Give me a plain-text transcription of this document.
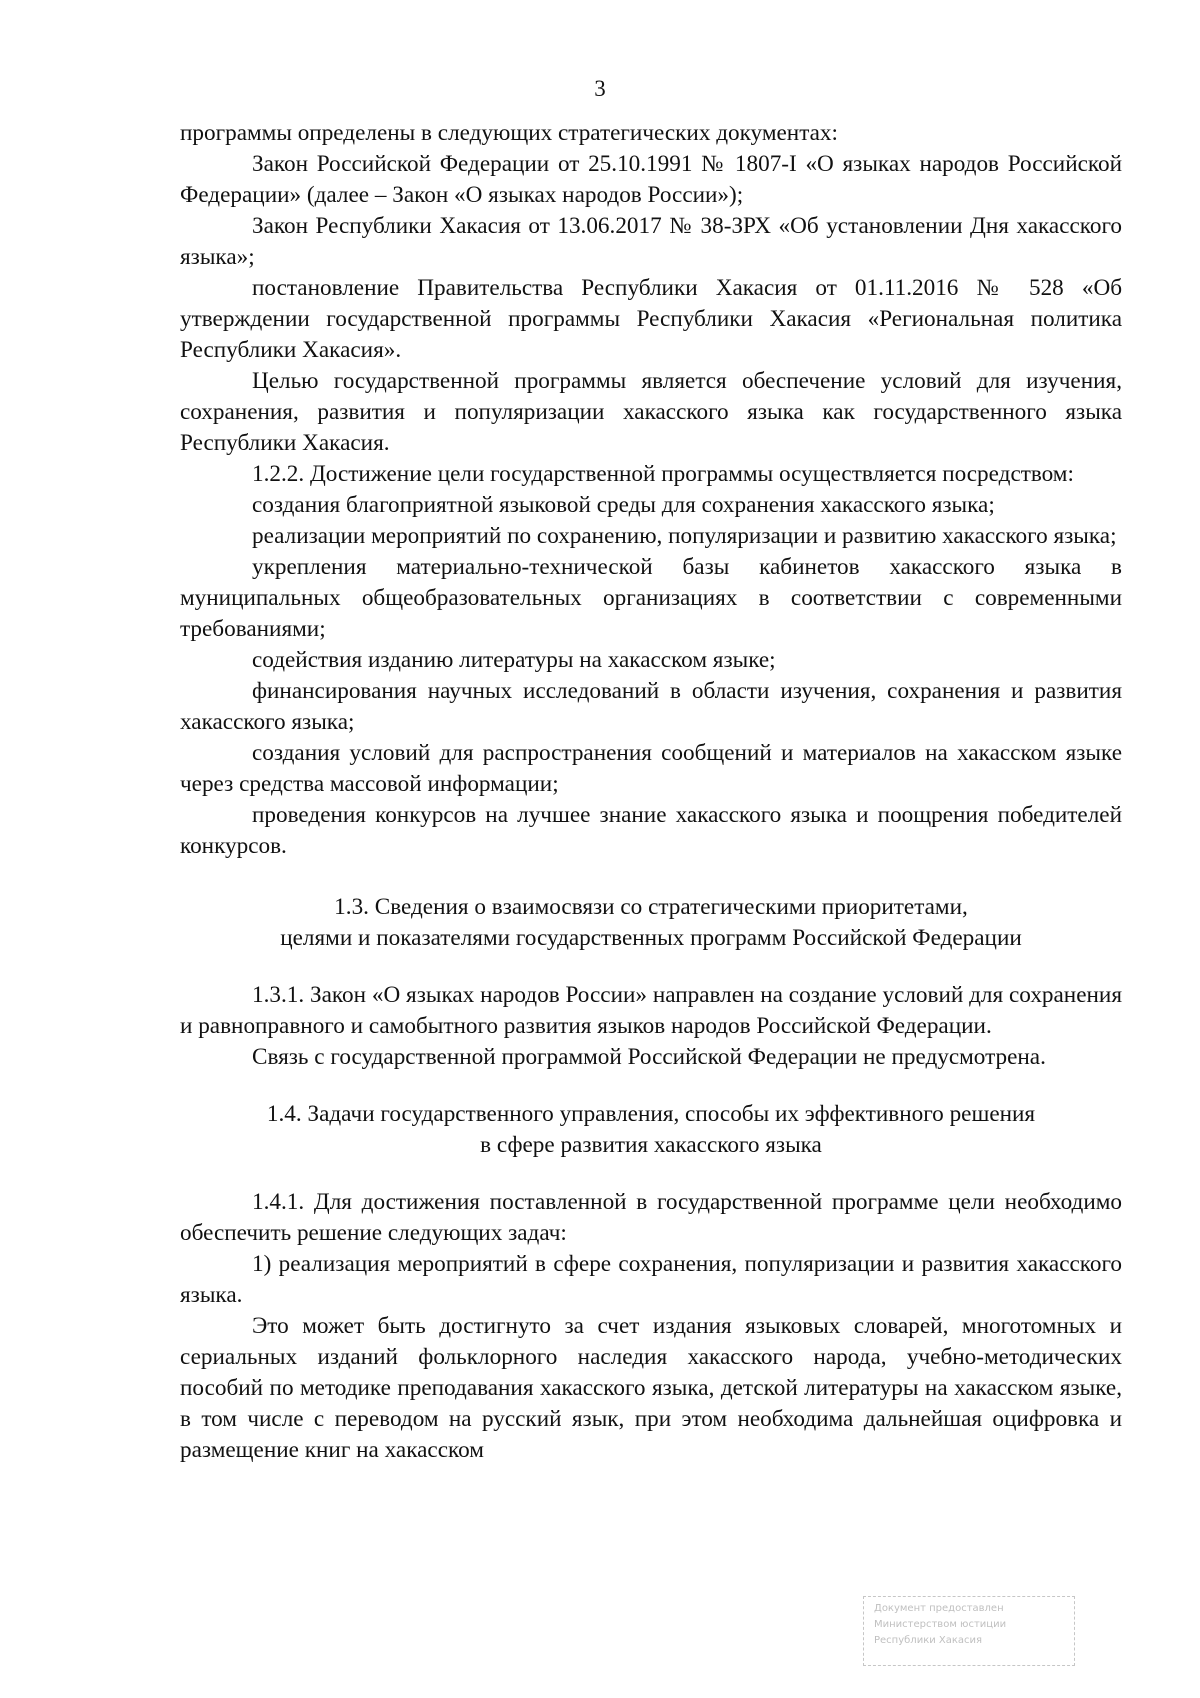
3

программы определены в следующих стратегических документах:

Закон Российской Федерации от 25.10.1991 № 1807-I «О языках народов Российской Федерации» (далее – Закон «О языках народов России»);

Закон Республики Хакасия от 13.06.2017 № 38-ЗРХ «Об установлении Дня хакасского языка»;

постановление Правительства Республики Хакасия от 01.11.2016 № 528 «Об утверждении государственной программы Республики Хакасия «Региональная политика Республики Хакасия».

Целью государственной программы является обеспечение условий для изучения, сохранения, развития и популяризации хакасского языка как государственного языка Республики Хакасия.

1.2.2. Достижение цели государственной программы осуществляется посредством:

создания благоприятной языковой среды для сохранения хакасского языка;

реализации мероприятий по сохранению, популяризации и развитию хакасского языка;

укрепления материально-технической базы кабинетов хакасского языка в муниципальных общеобразовательных организациях в соответствии с современными требованиями;

содействия изданию литературы на хакасском языке;

финансирования научных исследований в области изучения, сохранения и развития хакасского языка;

создания условий для распространения сообщений и материалов на хакасском языке через средства массовой информации;

проведения конкурсов на лучшее знание хакасского языка и поощрения победителей конкурсов.

1.3. Сведения о взаимосвязи со стратегическими приоритетами,
целями и показателями государственных программ Российской Федерации

1.3.1. Закон «О языках народов России» направлен на создание условий для сохранения и равноправного и самобытного развития языков народов Российской Федерации.

Связь с государственной программой Российской Федерации не предусмотрена.

1.4. Задачи государственного управления, способы их эффективного решения
в сфере развития хакасского языка

1.4.1. Для достижения поставленной в государственной программе цели необходимо обеспечить решение следующих задач:

1) реализация мероприятий в сфере сохранения, популяризации и развития хакасского языка.

Это может быть достигнуто за счет издания языковых словарей, многотомных и сериальных изданий фольклорного наследия хакасского народа, учебно-методических пособий по методике преподавания хакасского языка, детской литературы на хакасском языке, в том числе с переводом на русский язык, при этом необходима дальнейшая оцифровка и размещение книг на хакасском

Документ предоставлен
Министерством юстиции
Республики Хакасия
